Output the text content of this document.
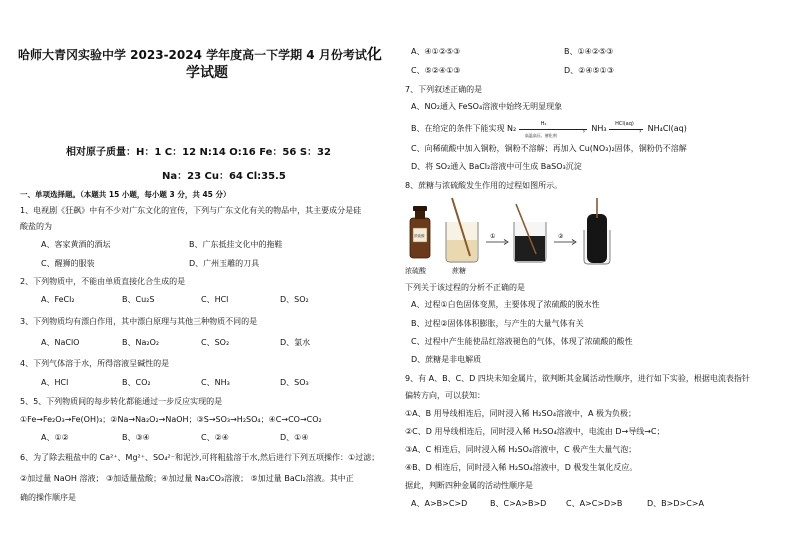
哈师大青冈实验中学 2023-2024 学年度高一下学期 4 月份考试化
学试题
相对原子质量：H：1 C：12 N:14 O:16 Fe：56 S：32
Na：23 Cu：64 Cl:35.5
一、单项选择题。（本题共 15 小题，每小题 3 分，共 45 分）
1、电视剧《狂飙》中有不少对广东文化的宣传，下列与广东文化有关的物品中，其主要成分是硅
酸盐的为
A、客家黄酒的酒坛	B、广东抵挂文化中的拖鞋
C、醒狮的服装	D、广州玉雕的刀具
2、下列物质中，不能由单质直接化合生成的是
A、FeCl₂	B、Cu₂S	C、HCl	D、SO₂
3、下列物质均有漂白作用，其中漂白原理与其他三种物质不同的是
A、NaClO	B、Na₂O₂	C、SO₂	D、氯水
4、下列气体溶于水，所得溶液呈碱性的是
A、HCl	B、CO₂	C、NH₃	D、SO₃
5、5、下列物质间的每步转化都能通过一步反应实现的是
①Fe→Fe₂O₃→Fe(OH)₃；②Na→Na₂O₂→NaOH；③S→SO₃→H₂SO₄；④C→CO→CO₂
A、①②	B、③④	C、②④	D、①④
6、为了除去粗盐中的 Ca²⁺、Mg²⁺、SO₄²⁻和泥沙,可将粗盐溶于水,然后进行下列五项操作：①过滤；
②加过量 NaOH 溶液； ③加适量盐酸；④加过量 Na₂CO₃溶液； ⑤加过量 BaCl₂溶液。其中正
确的操作顺序是
A、④①②⑤③	B、①④②⑤③
C、⑤②④①③	D、②④⑤①③
7、下列叙述正确的是
A、NO₂通入 FeSO₄溶液中始终无明显现象
B、在给定的条件下能实现 N₂
H₂
›
高温高压、催化剂
NH₃
HCl(aq)
› NH₄Cl(aq)
C、向稀硫酸中加入铜粉，铜粉不溶解；再加入 Cu(NO₃)₂固体，铜粉仍不溶解
D、将 SO₂通入 BaCl₂溶液中可生成 BaSO₃沉淀
8、蔗糖与浓硫酸发生作用的过程如图所示。
浓硫酸	①	②
浓硫酸	蔗糖
下列关于该过程的分析不正确的是
A、过程①白色固体变黑，主要体现了浓硫酸的脱水性
B、过程②固体体积膨胀，与产生的大量气体有关
C、过程中产生能使品红溶液褪色的气体，体现了浓硫酸的酸性
D、蔗糖是非电解质
9、有 A、B、C、D 四块未知金属片，欲判断其金属活动性顺序，进行如下实验，根据电流表指针
偏转方向，可以获知：
①A、B 用导线相连后，同时浸入稀 H₂SO₄溶液中，A 极为负极；
②C、D 用导线相连后，同时浸入稀 H₂SO₄溶液中，电流由 D→导线→C；
③A、C 相连后，同时浸入稀 H₂SO₄溶液中，C 极产生大量气泡；
④B、D 相连后，同时浸入稀 H₂SO₄溶液中，D 极发生氧化反应。
据此，判断四种金属的活动性顺序是
A、A>B>C>D	B、C>A>B>D C、A>C>D>B	D、B>D>C>A
